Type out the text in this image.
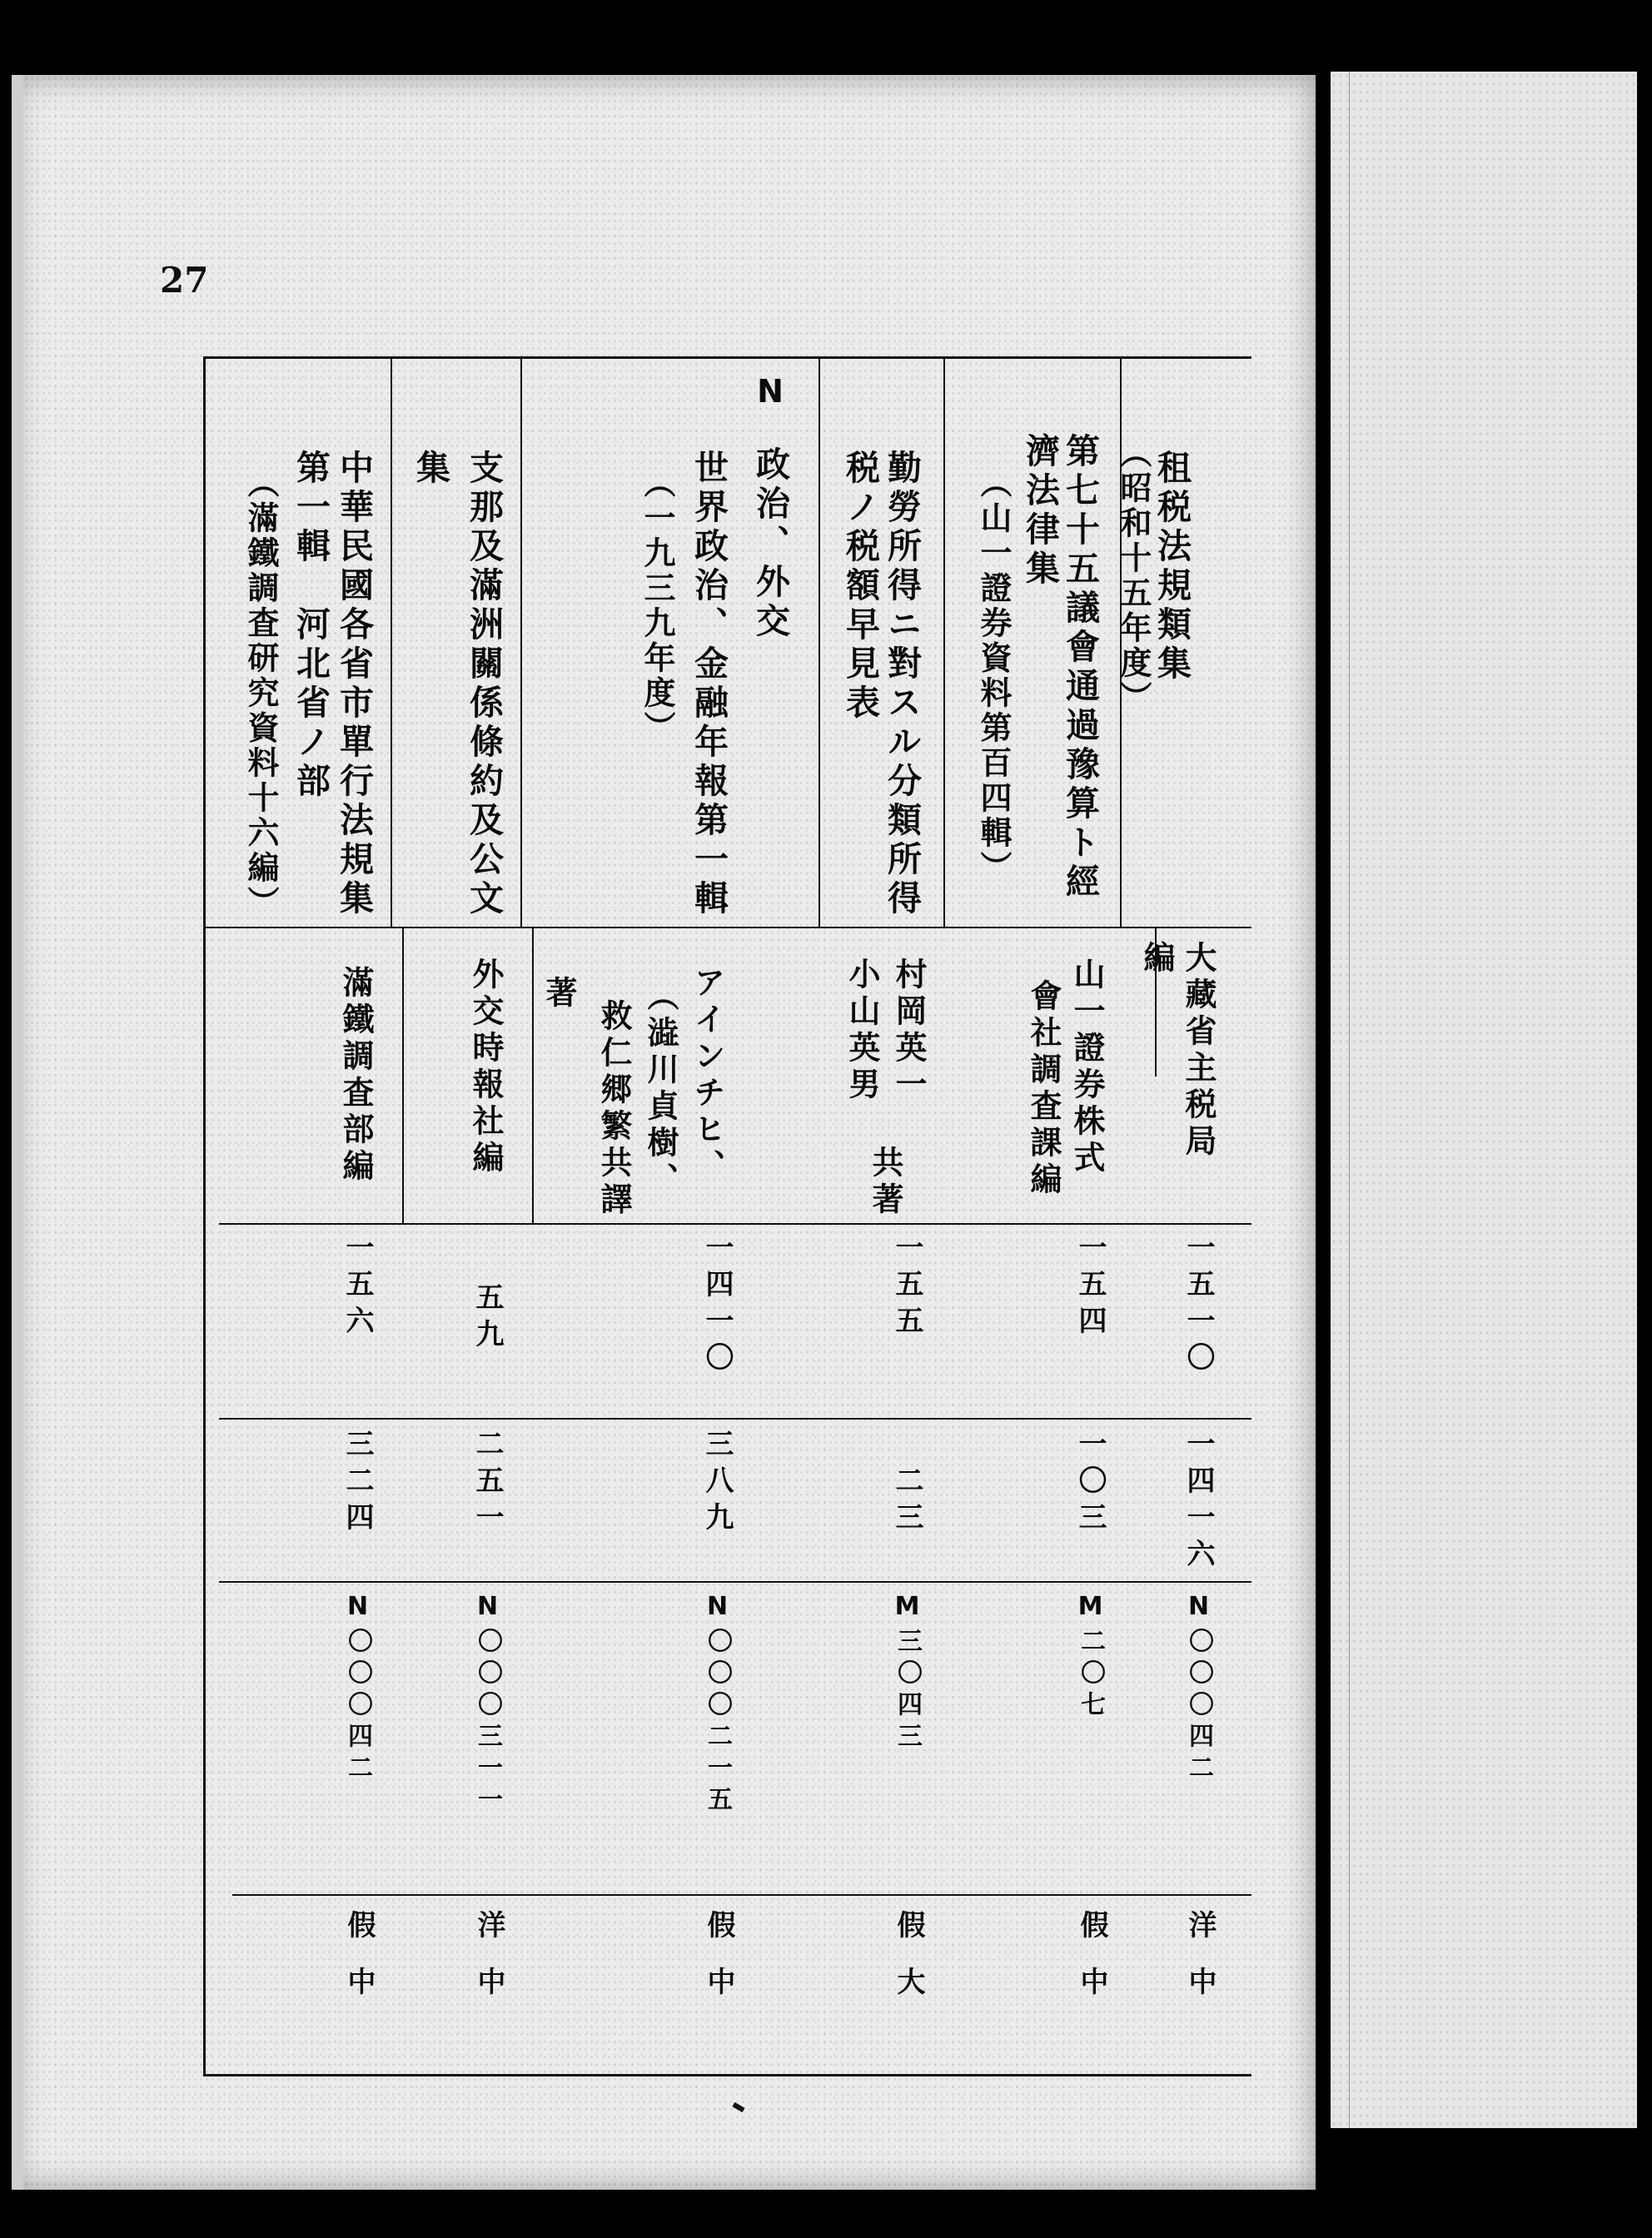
27
租税法規類集
（昭和十五年度）
大藏省主税局
編
一五一〇
一四一六
N〇〇〇四二
洋中
第七十五議會通過豫算ト經
濟法律集
（山一證券資料第百四輯）
山一證券株式
會社調査課編
一五四
一〇三
M二〇七
假中
勤勞所得ニ對スル分類所得
税ノ税額早見表
村岡英一
小山英男
共著
一五五
二三
M三〇四三
假大
N
政治、外交
世界政治、金融年報第一輯
（一九三九年度）
アインチヒ、
（澁川貞樹、
救仁郷繁共譯
著
一四一〇
三八九
N〇〇〇二一五
假中
支那及滿洲關係條約及公文
集
外交時報社編
五九
二五一
N〇〇〇三一一
洋中
中華民國各省市單行法規集
第一輯　河北省ノ部
（滿鐵調査研究資料十六編）
滿鐵調査部編
一五六
三二四
N〇〇〇四二
假中
